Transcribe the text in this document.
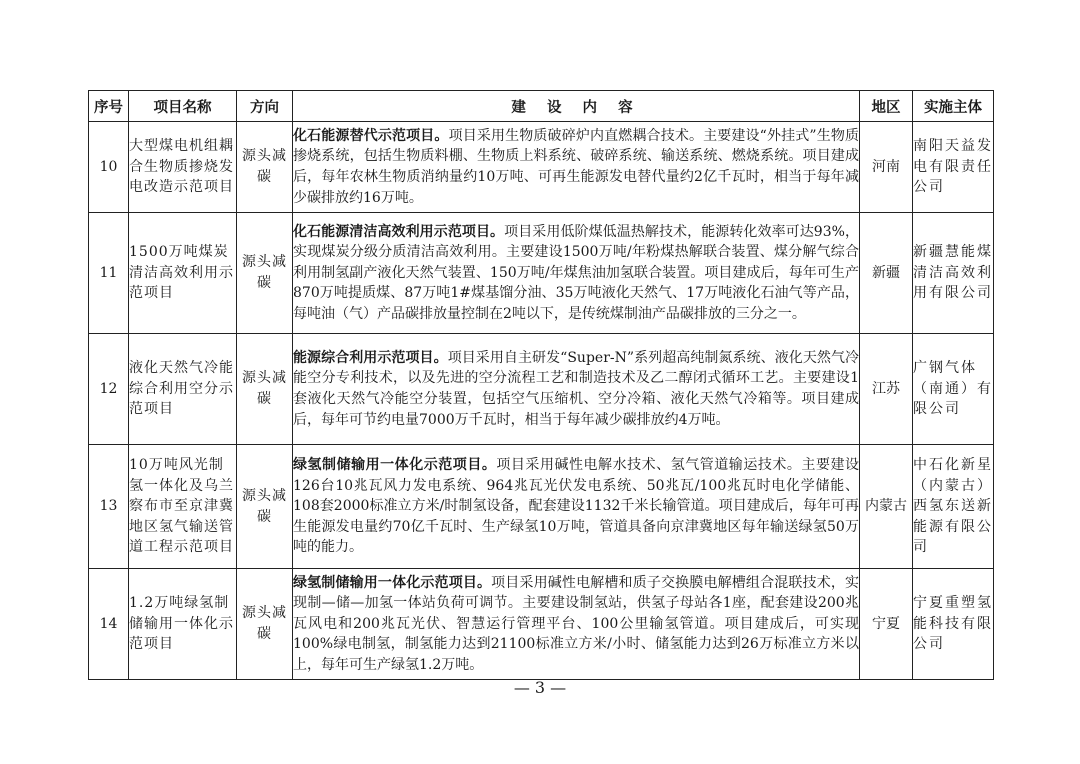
序号	项目名称	方向	建 设 内 容	地区	实施主体
10	大型煤电机组耦合生物质掺烧发电改造示范项目	源头减碳	化石能源替代示范项目。项目采用生物质破碎炉内直燃耦合技术。主要建设“外挂式”生物质掺烧系统，包括生物质料棚、生物质上料系统、破碎系统、输送系统、燃烧系统。项目建成后，每年农林生物质消纳量约10万吨、可再生能源发电替代量约2亿千瓦时，相当于每年减少碳排放约16万吨。	河南	南阳天益发电有限责任公司
11	1500万吨煤炭清洁高效利用示范项目	源头减碳	化石能源清洁高效利用示范项目。项目采用低阶煤低温热解技术，能源转化效率可达93%，实现煤炭分级分质清洁高效利用。主要建设1500万吨/年粉煤热解联合装置、煤分解气综合利用制氢副产液化天然气装置、150万吨/年煤焦油加氢联合装置。项目建成后，每年可生产870万吨提质煤、87万吨1#煤基馏分油、35万吨液化天然气、17万吨液化石油气等产品，每吨油（气）产品碳排放量控制在2吨以下，是传统煤制油产品碳排放的三分之一。	新疆	新疆慧能煤清洁高效利用有限公司
12	液化天然气冷能综合利用空分示范项目	源头减碳	能源综合利用示范项目。项目采用自主研发“Super-N”系列超高纯制氮系统、液化天然气冷能空分专利技术，以及先进的空分流程工艺和制造技术及乙二醇闭式循环工艺。主要建设1套液化天然气冷能空分装置，包括空气压缩机、空分冷箱、液化天然气冷箱等。项目建成后，每年可节约电量7000万千瓦时，相当于每年减少碳排放约4万吨。	江苏	广钢气体（南通）有限公司
13	10万吨风光制氢一体化及乌兰察布市至京津冀地区氢气输送管道工程示范项目	源头减碳	绿氢制储输用一体化示范项目。项目采用碱性电解水技术、氢气管道输运技术。主要建设126台10兆瓦风力发电系统、964兆瓦光伏发电系统、50兆瓦/100兆瓦时电化学储能、108套2000标准立方米/时制氢设备，配套建设1132千米长输管道。项目建成后，每年可再生能源发电量约70亿千瓦时、生产绿氢10万吨，管道具备向京津冀地区每年输送绿氢50万吨的能力。	内蒙古	中石化新星（内蒙古）西氢东送新能源有限公司
14	1.2万吨绿氢制储输用一体化示范项目	源头减碳	绿氢制储输用一体化示范项目。项目采用碱性电解槽和质子交换膜电解槽组合混联技术，实现制—储—加氢一体站负荷可调节。主要建设制氢站，供氢子母站各1座，配套建设200兆瓦风电和200兆瓦光伏、智慧运行管理平台、100公里输氢管道。项目建成后，可实现100%绿电制氢，制氢能力达到21100标准立方米/小时、储氢能力达到26万标准立方米以上，每年可生产绿氢1.2万吨。	宁夏	宁夏重塑氢能科技有限公司
— 3 —
